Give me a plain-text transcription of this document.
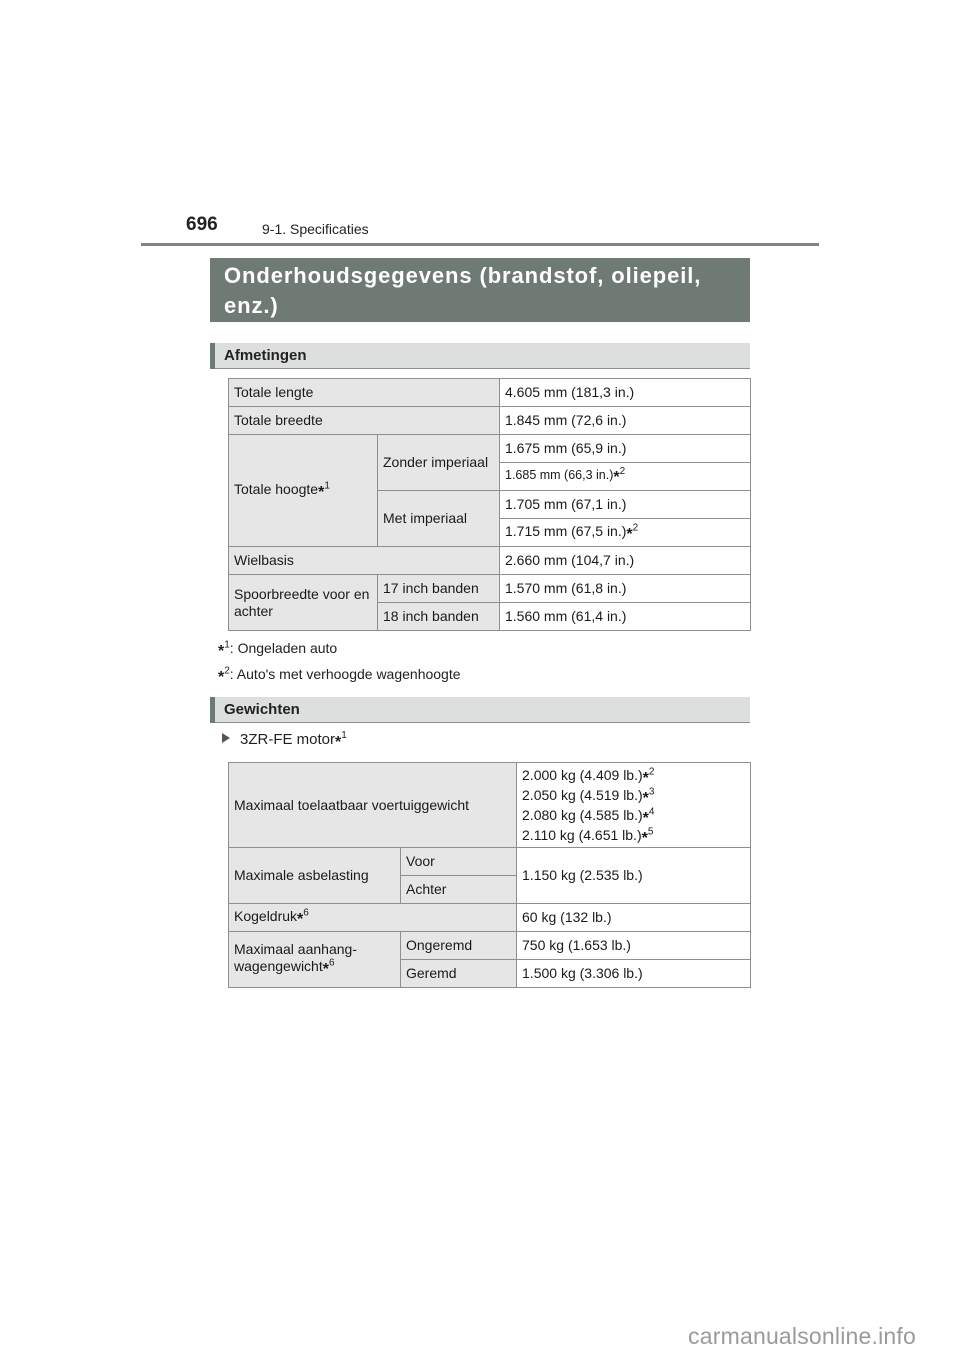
696	9-1. Specificaties
Onderhoudsgegevens (brandstof, oliepeil, enz.)
Afmetingen
Totale lengte		4.605 mm (181,3 in.)
Totale breedte		1.845 mm (72,6 in.)
Totale hoogte*$^1$	Zonder imperiaal	1.675 mm (65,9 in.)
		1.685 mm (66,3 in.)*$^2$
	Met imperiaal	1.705 mm (67,1 in.)
		1.715 mm (67,5 in.)*$^2$
Wielbasis		2.660 mm (104,7 in.)
Spoorbreedte voor en achter	17 inch banden	1.570 mm (61,8 in.)
	18 inch banden	1.560 mm (61,4 in.)
*$^1$: Ongeladen auto
*$^2$: Auto's met verhoogde wagenhoogte
Gewichten
3ZR-FE motor*$^1$
Maximaal toelaatbaar voertuiggewicht		2.000 kg (4.409 lb.)*$^2$
2.050 kg (4.519 lb.)*$^3$
2.080 kg (4.585 lb.)*$^4$
2.110 kg (4.651 lb.)*$^5$

Maximale asbelasting	Voor	1.150 kg (2.535 lb.)
	Achter	
Kogeldruk*$^6$		60 kg (132 lb.)

Maximaal aanhang-
wagengewicht*$^6$	Ongeremd	750 kg (1.653 lb.)
	Geremd	1.500 kg (3.306 lb.)
carmanualsonline.info
